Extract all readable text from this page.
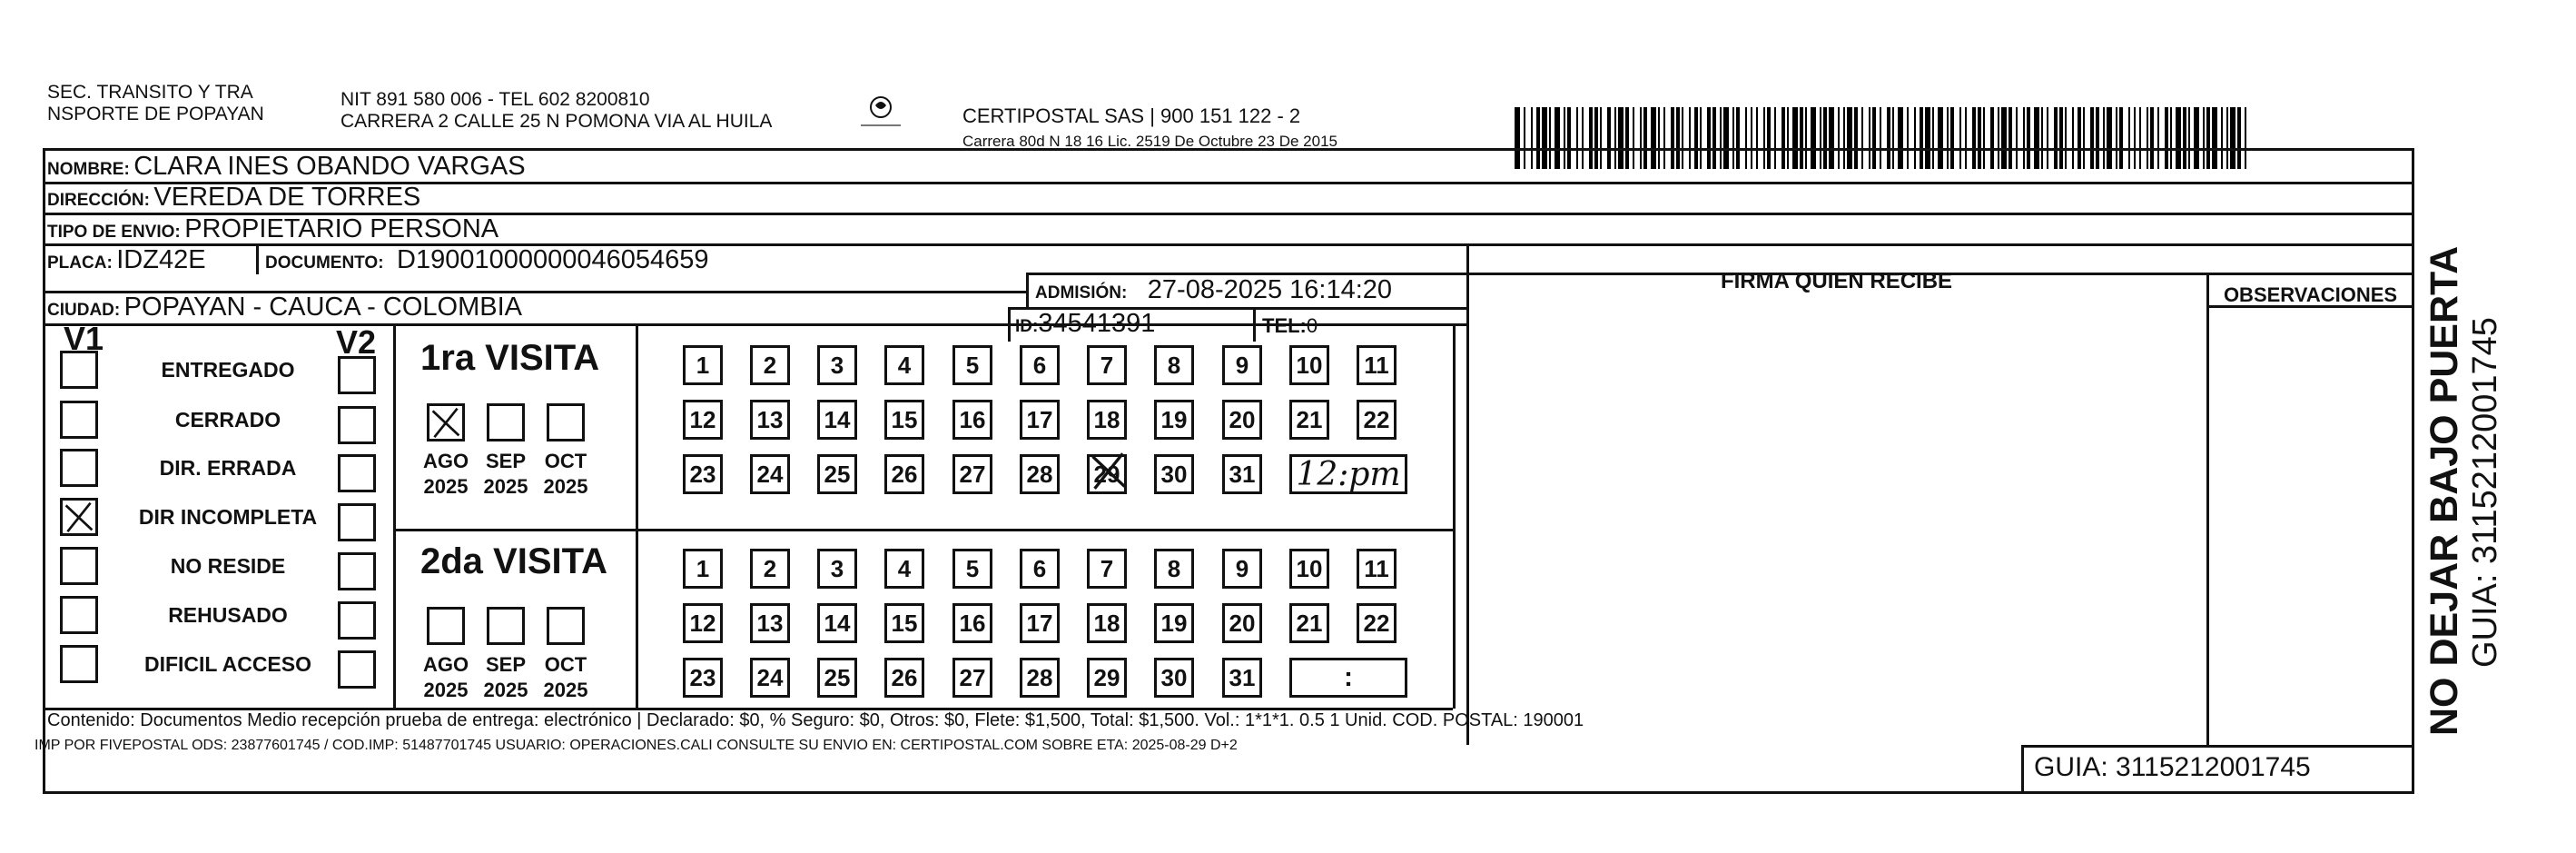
SEC. TRANSITO Y TRA
NSPORTE DE POPAYAN
NIT 891 580 006 - TEL 602 8200810
CARRERA 2 CALLE 25 N POMONA VIA AL HUILA	CERTIPOSTAL SAS | 900 151 122 - 2
Carrera 80d N 18 16 Lic. 2519 De Octubre 23 De 2015
NOMBRE: CLARA INES OBANDO VARGAS
DIRECCIÓN: VEREDA DE TORRES
TIPO DE ENVIO: PROPIETARIO PERSONA
PLACA: IDZ42E	DOCUMENTO: D19001000000046054659
ADMISIÓN: 27-08-2025 16:14:20
CIUDAD: POPAYAN - CAUCA - COLOMBIA
ID:34541391	TEL:0
FIRMA QUIEN RECIBE
OBSERVACIONES
V1	V2
ENTREGADO
CERRADO
DIR. ERRADA
DIR INCOMPLETA
NO RESIDE
REHUSADO
DIFICIL ACCESO
1ra VISITA
AGO
2025
SEP
2025
OCT
2025
1	2	3	4	5	6	7	8	9	10	11
12 13 14 15 16 17 18 19 20 21 22
23 24 25 26 27 28 29 30 31 12:pm
2da VISITA
AGO
2025
SEP
2025
OCT
2025
1	2	3	4	5	6	7	8	9	10	11
12 13 14 15 16 17 18 19 20 21 22
23 24 25 26 27 28 29 30 31	:
Contenido: Documentos Medio recepción prueba de entrega: electrónico | Declarado: $0, % Seguro: $0, Otros: $0, Flete: $1,500, Total: $1,500. Vol.: 1*1*1. 0.5 1 Unid. COD. POSTAL: 190001
IMP POR FIVEPOSTAL ODS: 23877601745 / COD.IMP: 51487701745 USUARIO: OPERACIONES.CALI CONSULTE SU ENVIO EN: CERTIPOSTAL.COM SOBRE ETA: 2025-08-29 D+2
GUIA: 3115212001745
NO DEJAR BAJO PUERTA GUIA: 3115212001745
